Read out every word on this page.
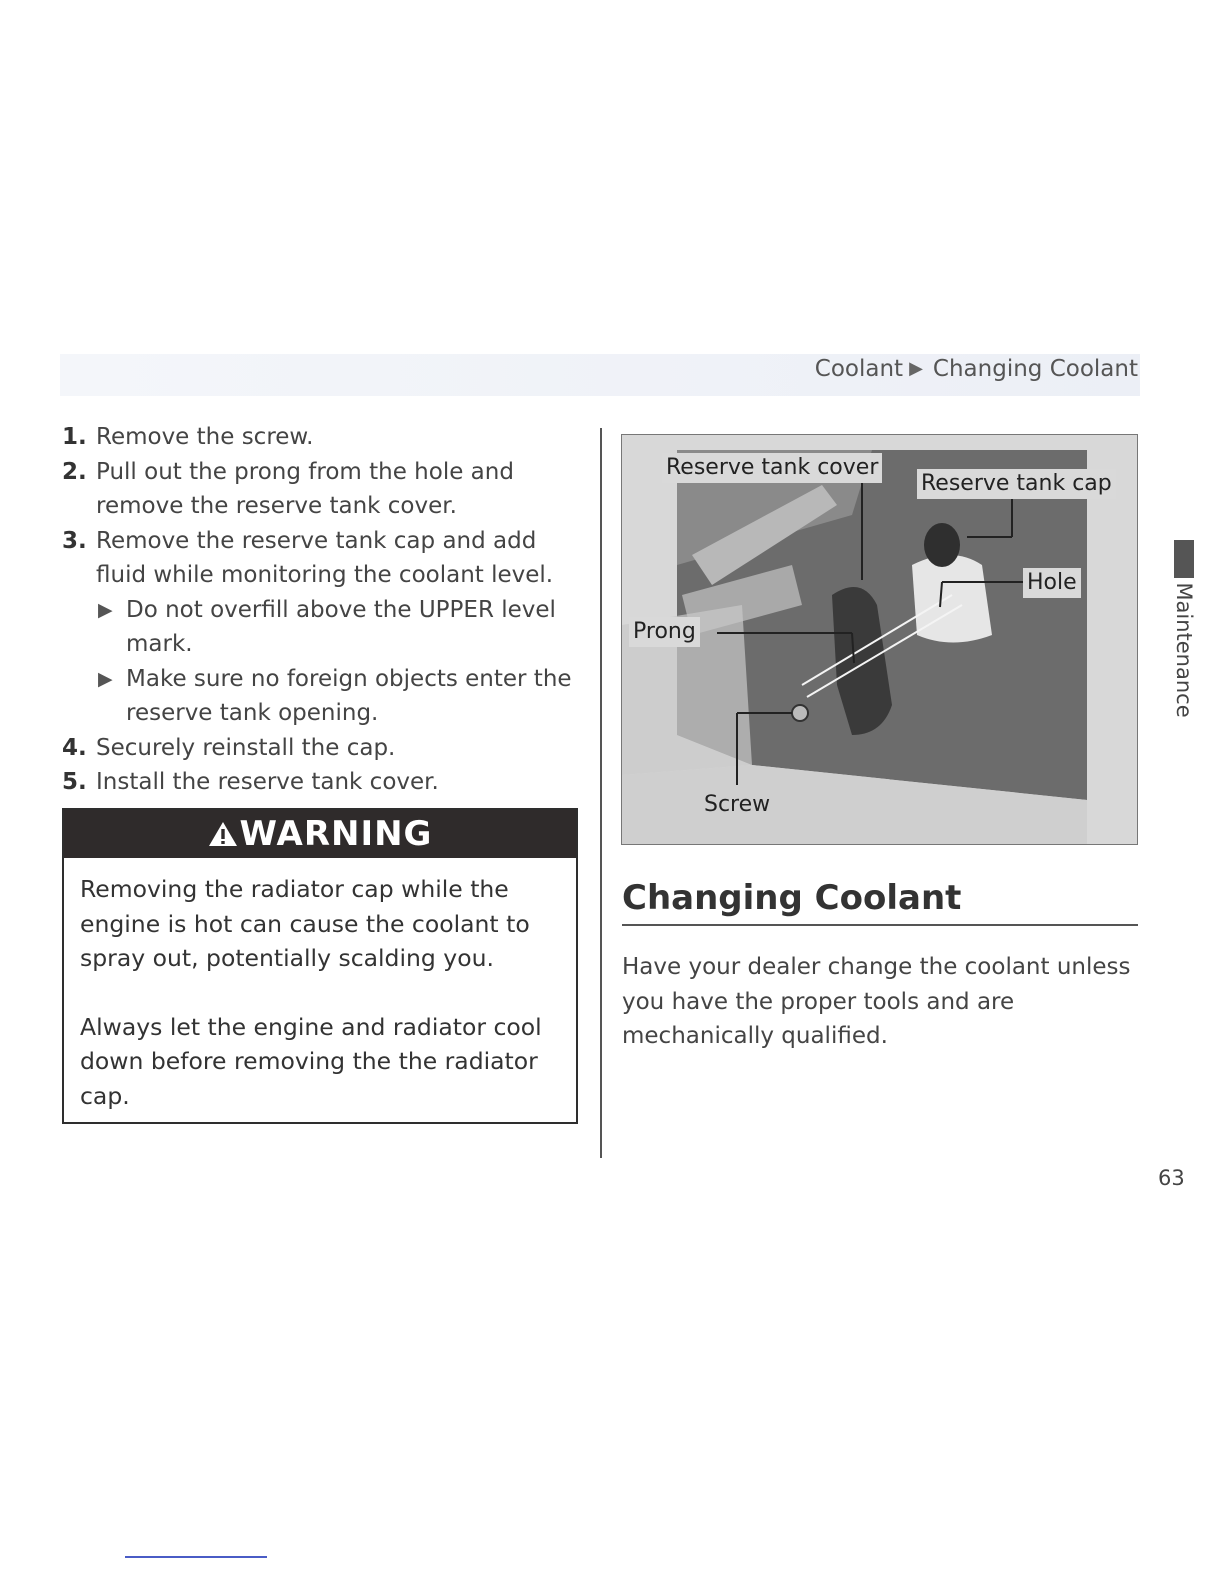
Coolant ▶ Changing Coolant
1. Remove the screw.
2. Pull out the prong from the hole and remove the reserve tank cover.
3. Remove the reserve tank cap and add fluid while monitoring the coolant level.
▶ Do not overfill above the UPPER level mark.
▶ Make sure no foreign objects enter the reserve tank opening.
4. Securely reinstall the cap.
5. Install the reserve tank cover.
WARNING

Removing the radiator cap while the engine is hot can cause the coolant to spray out, potentially scalding you.

Always let the engine and radiator cool down before removing the the radiator cap.

Reserve tank cover
Reserve tank cap
Hole
Prong
Screw
Changing Coolant

Have your dealer change the coolant unless you have the proper tools and are mechanically qualified.

Maintenance
63
